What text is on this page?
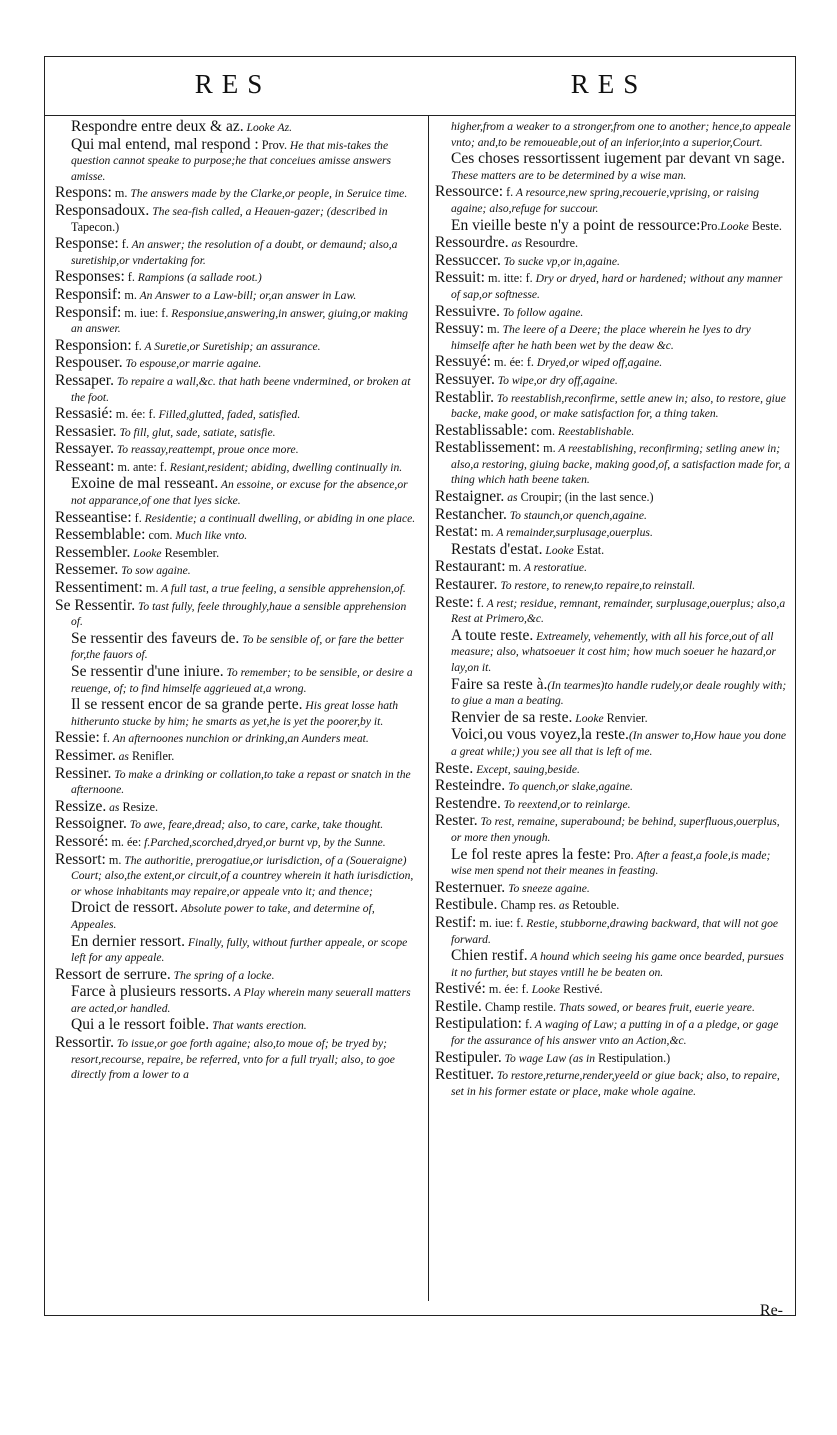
RES	RES
Respondre entre deux & az. Looke Az.
Qui mal entend, mal respond : Prov. He that mis-takes the question cannot speake to purpose;he that conceiues amisse answers amisse.
Respons: m. The answers made by the Clarke,or people, in Seruice time.
Responsadoux. The sea-fish called, a Heauen-gazer; (described in Tapecon.)
Response: f. An answer; the resolution of a doubt, or demaund; also,a suretiship,or vndertaking for.
Responses: f. Rampions (a sallade root.)
Responsif: m. An Answer to a Law-bill; or,an answer in Law.
Responsif: m. iue: f. Responsiue,answering,in answer, giuing,or making an answer.
Responsion: f. A Suretie,or Suretiship; an assurance.
Respouser. To espouse,or marrie againe.
Ressaper. To repaire a wall,&c. that hath beene vndermined, or broken at the foot.
Ressasié: m. ée: f. Filled,glutted, faded, satisfied.
Ressasier. To fill, glut, sade, satiate, satisfie.
Ressayer. To reassay,reattempt, proue once more.
Resseant: m. ante: f. Resiant,resident; abiding, dwelling continually in.
Exoine de mal resseant. An essoine, or excuse for the absence,or not apparance,of one that lyes sicke.
Resseantise: f. Residentie; a continuall dwelling, or abiding in one place.
Ressemblable: com. Much like vnto.
Ressembler. Looke Resembler.
Ressemer. To sow againe.
Ressentiment: m. A full tast, a true feeling, a sensible apprehension,of.
Se Ressentir. To tast fully, feele throughly,haue a sensible apprehension of.
Se ressentir des faveurs de. To be sensible of, or fare the better for,the fauors of.
Se ressentir d'une iniure. To remember; to be sensible, or desire a reuenge, of; to find himselfe aggrieued at,a wrong.
Il se ressent encor de sa grande perte. His great losse hath hitherunto stucke by him; he smarts as yet,he is yet the poorer,by it.
Ressie: f. An afternoones nunchion or drinking,an Aunders meat.
Ressimer. as Renifler.
Ressiner. To make a drinking or collation,to take a repast or snatch in the afternoone.
Ressize. as Resize.
Ressoigner. To awe, feare,dread; also, to care, carke, take thought.
Ressoré: m. ée: f.Parched,scorched,dryed,or burnt vp, by the Sunne.
Ressort: m. The authoritie, prerogatiue,or iurisdiction, of a (Soueraigne) Court; also,the extent,or circuit,of a countrey wherein it hath iurisdiction, or whose inhabitants may repaire,or appeale vnto it; and thence;
Droict de ressort. Absolute power to take, and determine of, Appeales.
En dernier ressort. Finally, fully, without further appeale, or scope left for any appeale.
Ressort de serrure. The spring of a locke.
Farce à plusieurs ressorts. A Play wherein many seuerall matters are acted,or handled.
Qui a le ressort foible. That wants erection.
Ressortir. To issue,or goe forth againe; also,to moue of; be tryed by; resort,recourse, repaire, be referred, vnto for a full tryall; also, to goe directly from a lower to a
higher,from a weaker to a stronger,from one to another; hence,to appeale vnto; and,to be remoueable,out of an inferior,into a superior,Court.
Ces choses ressortissent iugement par devant vn sage. These matters are to be determined by a wise man.
Ressource: f. A resource,new spring,recouerie,vprising, or raising againe; also,refuge for succour.
En vieille beste n'y a point de ressource:Pro.Looke Beste.
Ressourdre. as Resourdre.
Ressuccer. To sucke vp,or in,againe.
Ressuit: m. itte: f. Dry or dryed, hard or hardened; without any manner of sap,or softnesse.
Ressuivre. To follow againe.
Ressuy: m. The leere of a Deere; the place wherein he lyes to dry himselfe after he hath been wet by the deaw &c.
Ressuyé: m. ée: f. Dryed,or wiped off,againe.
Ressuyer. To wipe,or dry off,againe.
Restablir. To reestablish,reconfirme, settle anew in; also, to restore, giue backe, make good, or make satisfaction for, a thing taken.
Restablissable: com. Reestablishable.
Restablissement: m. A reestablishing, reconfirming; setling anew in; also,a restoring, giuing backe, making good,of, a satisfaction made for, a thing which hath beene taken.
Restaigner. as Croupir; (in the last sence.)
Restancher. To staunch,or quench,againe.
Restat: m. A remainder,surplusage,ouerplus.
Restats d'estat. Looke Estat.
Restaurant: m. A restoratiue.
Restaurer. To restore, to renew,to repaire,to reinstall.
Reste: f. A rest; residue, remnant, remainder, surplusage,ouerplus; also,a Rest at Primero,&c.
A toute reste. Extreamely, vehemently, with all his force,out of all measure; also, whatsoeuer it cost him; how much soeuer he hazard,or lay,on it.
Faire sa reste à.(In tearmes)to handle rudely,or deale roughly with; to giue a man a beating.
Renvier de sa reste. Looke Renvier.
Voici,ou vous voyez,la reste.(In answer to,How haue you done a great while;) you see all that is left of me.
Reste. Except, sauing,beside.
Resteindre. To quench,or slake,againe.
Restendre. To reextend,or to reinlarge.
Rester. To rest, remaine, superabound; be behind, superfluous,ouerplus, or more then ynough.
Le fol reste apres la feste: Pro. After a feast,a foole,is made; wise men spend not their meanes in feasting.
Resternuer. To sneeze againe.
Restibule. Champ res. as Retouble.
Restif: m. iue: f. Restie, stubborne,drawing backward, that will not goe forward.
Chien restif. A hound which seeing his game once bearded, pursues it no further, but stayes vntill he be beaten on.
Restivé: m. ée: f. Looke Restivé.
Restile. Champ restile. Thats sowed, or beares fruit, euerie yeare.
Restipulation: f. A waging of Law; a putting in of a a pledge, or gage for the assurance of his answer vnto an Action,&c.
Restipuler. To wage Law (as in Restipulation.)
Restituer. To restore,returne,render,yeeld or giue back; also, to repaire, set in his former estate or place, make whole againe.
Re-
